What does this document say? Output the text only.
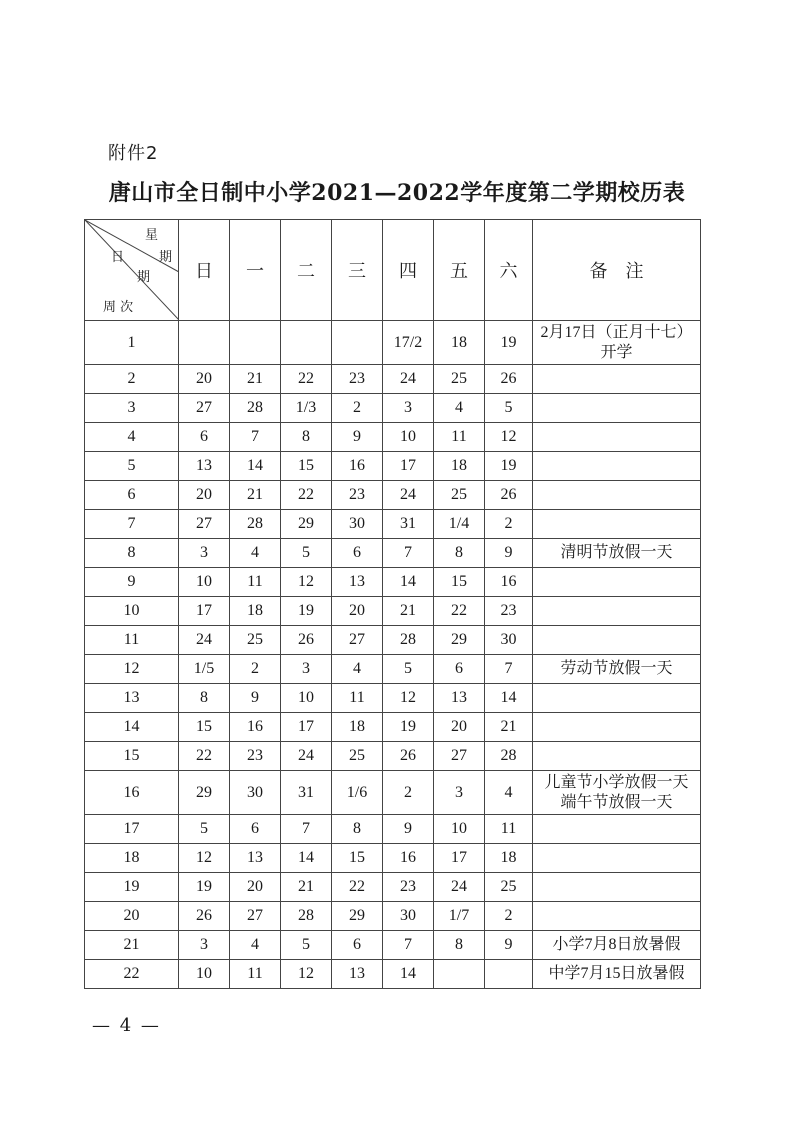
附件2
唐山市全日制中小学2021—2022学年度第二学期校历表
星
期
日
期
周 次	日	一	二	三	四	五	六	备　注
1					17/2	18	19	2月17日（正月十七）
开学

2	20	21	22	23	24	25	26	

3	27	28	1/3	2	3	4	5	

4	6	7	8	9	10	11	12	

5	13	14	15	16	17	18	19	

6	20	21	22	23	24	25	26	

7	27	28	29	30	31	1/4	2	

8	3	4	5	6	7	8	9	清明节放假一天

9	10	11	12	13	14	15	16	

10	17	18	19	20	21	22	23	

11	24	25	26	27	28	29	30	

12	1/5	2	3	4	5	6	7	劳动节放假一天

13	8	9	10	11	12	13	14	

14	15	16	17	18	19	20	21	

15	22	23	24	25	26	27	28	

16	29	30	31	1/6	2	3	4	儿童节小学放假一天
端午节放假一天

17	5	6	7	8	9	10	11	

18	12	13	14	15	16	17	18	

19	19	20	21	22	23	24	25	

20	26	27	28	29	30	1/7	2	

21	3	4	5	6	7	8	9	小学7月8日放暑假

22	10	11	12	13	14			中学7月15日放暑假
— 4 —
